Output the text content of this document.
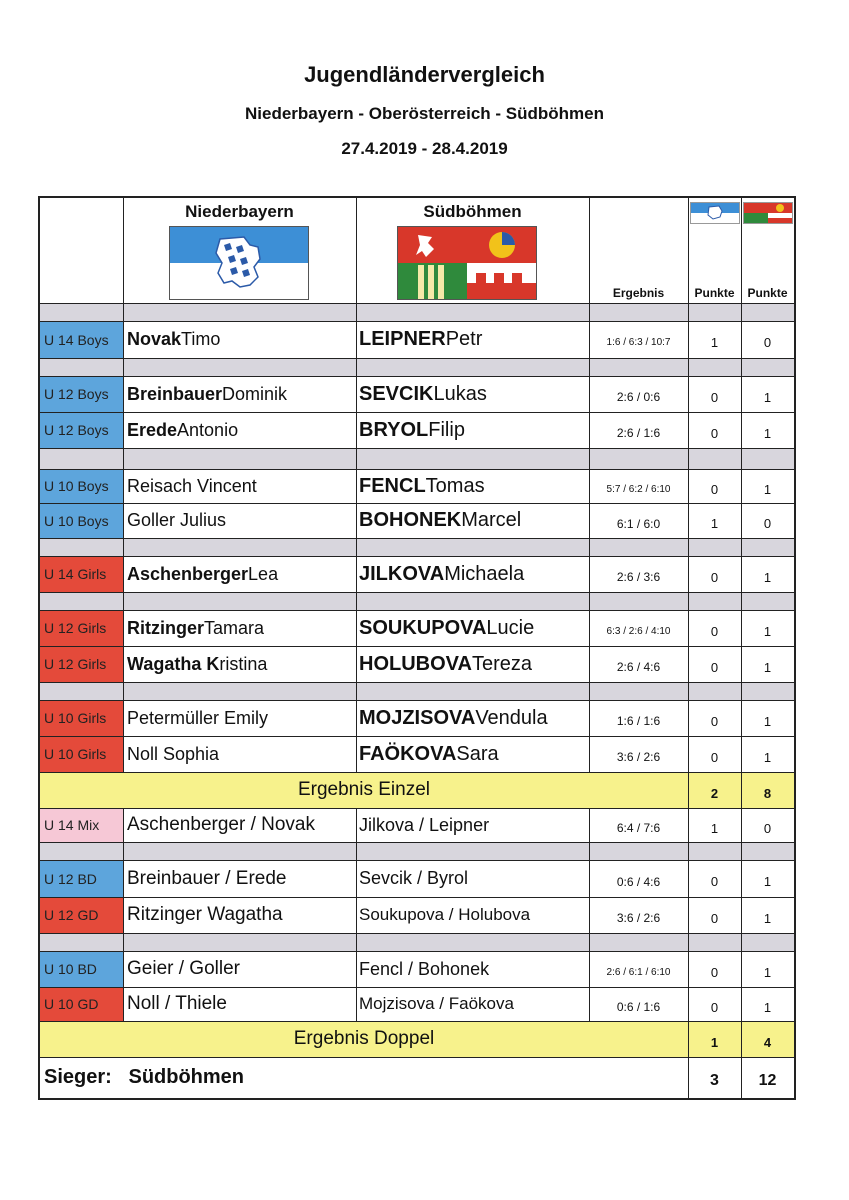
Jugendländervergleich
Niederbayern - Oberösterreich - Südböhmen
27.4.2019 - 28.4.2019
Niederbayern	Südböhmen
Ergebnis	Punkte	Punkte
U 14 Boys	Novak Timo	LEIPNER Petr	1:6 / 6:3 / 10:7	1	0
U 12 Boys	Breinbauer Dominik	SEVCIK Lukas	2:6 / 0:6	0	1
U 12 Boys	Erede Antonio	BRYOL Filip	2:6 / 1:6	0	1
U 10 Boys	Reisach Vincent	FENCL Tomas	5:7 / 6:2 / 6:10	0	1
U 10 Boys	Goller Julius	BOHONEK Marcel	6:1 / 6:0	1	0
U 14 Girls	Aschenberger Lea	JILKOVA Michaela	2:6 / 3:6	0	1
U 12 Girls	Ritzinger Tamara	SOUKUPOVA Lucie	6:3 / 2:6 / 4:10	0	1
U 12 Girls	Wagatha K ristina	HOLUBOVA Tereza	2:6 / 4:6	0	1
U 10 Girls	Petermüller Emily	MOJZISOVA Vendula	1:6 / 1:6	0	1
U 10 Girls	Noll Sophia	FAÖKOVA Sara	3:6 / 2:6	0	1
Ergebnis Einzel	2	8
U 14 Mix	Aschenberger / Novak	Jilkova / Leipner	6:4 / 7:6	1	0
U 12 BD	Breinbauer / Erede	Sevcik / Byrol	0:6 / 4:6	0	1
U 12 GD	Ritzinger Wagatha	Soukupova / Holubova	3:6 / 2:6	0	1
U 10 BD	Geier / Goller	Fencl / Bohonek	2:6 / 6:1 / 6:10	0	1
U 10 GD	Noll / Thiele	Mojzisova / Faökova	0:6 / 1:6	0	1
Ergebnis Doppel	1	4
Sieger:   Südböhmen	3	12
